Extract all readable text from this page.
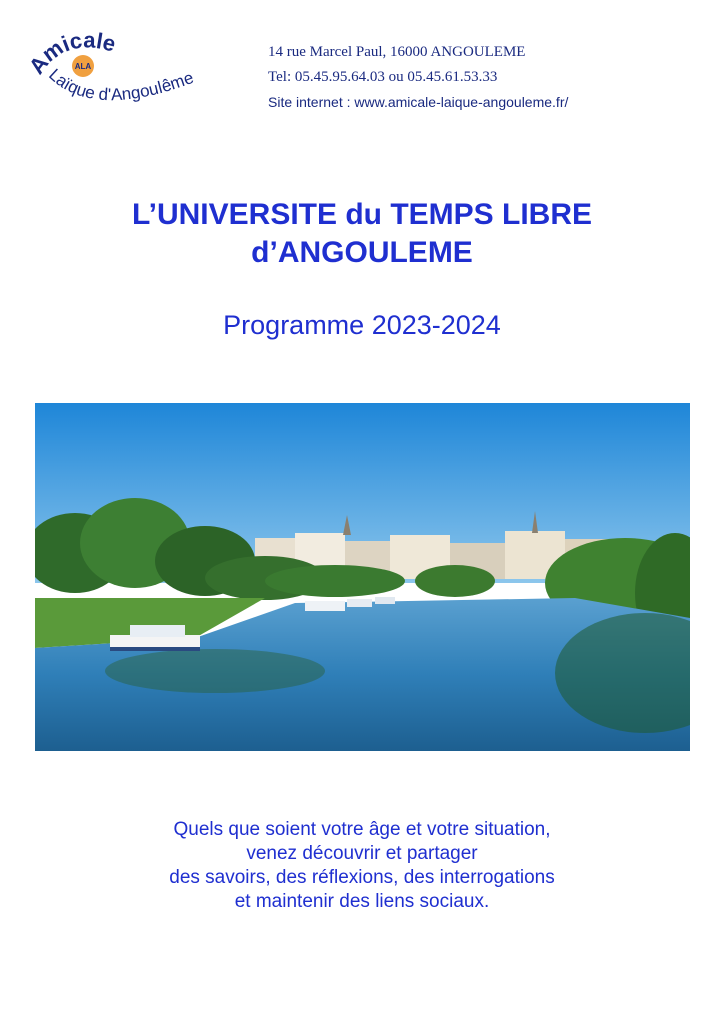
micale
ALA
Laïque d'Angoulême
14 rue Marcel Paul, 16000 ANGOULEME
Tel: 05.45.95.64.03 ou 05.45.61.53.33
Site internet : www.amicale-laique-angouleme.fr/
L’UNIVERSITE du TEMPS LIBRE
d’ANGOULEME
Programme 2023-2024
Quels que soient votre âge et votre situation,
venez découvrir et partager
des savoirs, des réflexions, des interrogations
et maintenir des liens sociaux.
